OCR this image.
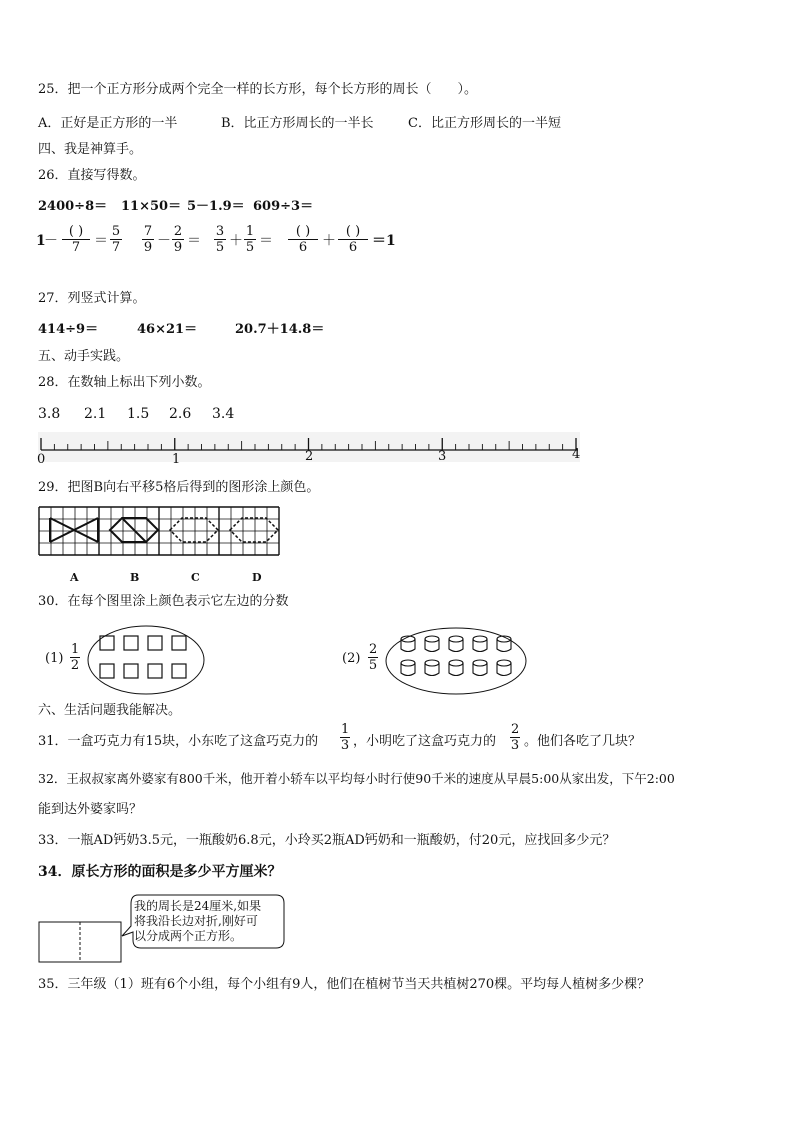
25．把一个正方形分成两个完全一样的长方形，每个长方形的周长（　　）。
A．正好是正方形的一半	B．比正方形周长的一半长	C．比正方形周长的一半短
四、我是神算手。
26．直接写得数。
2400÷8＝ 11×50＝ 5－1.9＝ 609÷3＝
1
－
( )
$7 = \frac{5}{7} \frac{7}{9} - \frac{2}{9} = \frac{3}{5} + \frac{1}{5}$ ＝
( )
6	＋
( )
6	＝1
27．列竖式计算。
414÷9＝	46×21＝	20.7＋14.8＝
五、动手实践。
28．在数轴上标出下列小数。
3.8 2.1 1.5 2.6 3.4
0	1	2	3	4
29．把图B向右平移5格后得到的图形涂上颜色。
A	B	C	D
30．在每个图里涂上颜色表示它左边的分数
$(1) \frac{1}{2}$	$(2) \frac{2}{5}$
六、生活问题我能解决。
31．一盒巧克力有15块，小东吃了这盒巧克力的 $\frac{1}{3}$ ，小明吃了这盒巧克力的 $\frac{2}{3}$ 。他们各吃了几块？
32．王叔叔家离外婆家有800千米，他开着小轿车以平均每小时行使90千米的速度从早晨5:00从家出发，下午2:00
能到达外婆家吗？
33．一瓶AD钙奶3.5元，一瓶酸奶6.8元，小玲买2瓶AD钙奶和一瓶酸奶，付20元，应找回多少元？
34．原长方形的面积是多少平方厘米？
我的周长是24厘米,如果
将我沿长边对折,刚好可
以分成两个正方形。
35．三年级（1）班有6个小组，每个小组有9人，他们在植树节当天共植树270棵。平均每人植树多少棵？
